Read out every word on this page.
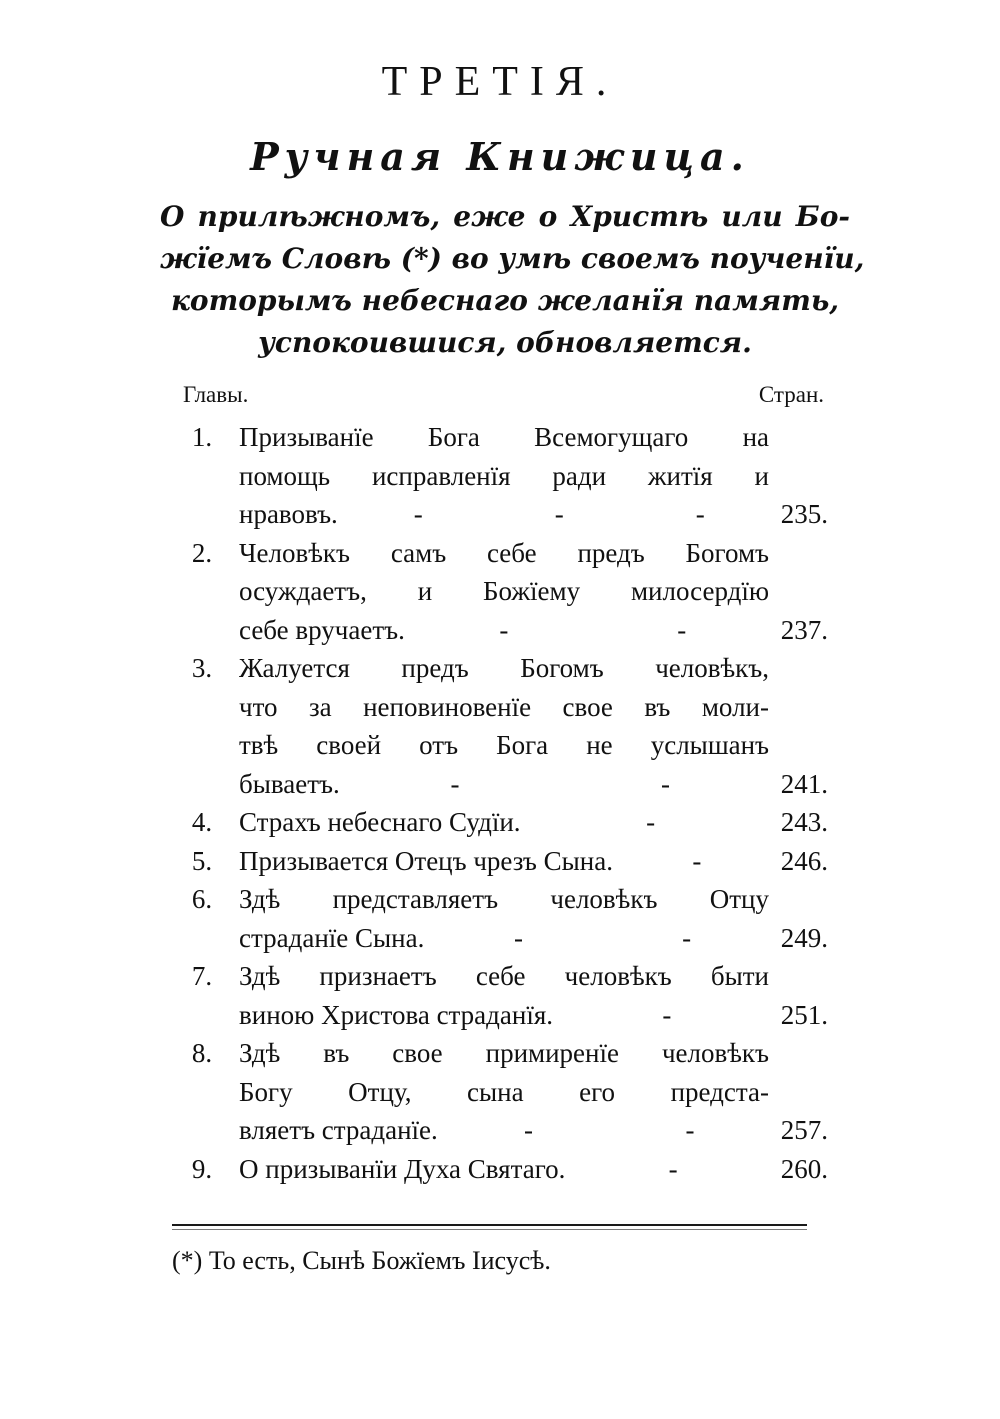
ТРЕТІЯ.
Ручная Книжица.
О прилѣжномъ, еже о Христѣ или Бо-
жїемъ Словѣ (*) во умѣ своемъ поученїи,
которымъ небеснаго желанїя память,
успокоившися, обновляется.
Главы.	Стран.
1. Призыванїе Бога Всемогущаго на
помощь исправленїя ради житїя и
нравовъ.	-	-	-	235.
2. Человѣкъ самъ себе предъ Богомъ
осуждаетъ, и Божїему милосердїю
себе вручаетъ.	-	-	237.
3. Жалуется предъ Богомъ человѣкъ,
что за неповиновенїе свое въ моли-
твѣ своей отъ Бога не услышанъ
бываетъ.	-	-	241.
4. Страхъ небеснаго Судїи.	-	243.
5. Призывается Отецъ чрезъ Сына.	-	246.
6. Здѣ представляетъ человѣкъ Отцу
страданїе Сына.	-	-	249.
7. Здѣ признаетъ себе человѣкъ быти
виною Христова страданїя.	-	251.
8. Здѣ въ свое примиренїе человѣкъ
Богу Отцу, сына его предста-
вляетъ страданїе.	-	-	257.
9. О призыванїи Духа Святаго.	-	260.
(*) То есть, Сынѣ Божїемъ Іисусѣ.
